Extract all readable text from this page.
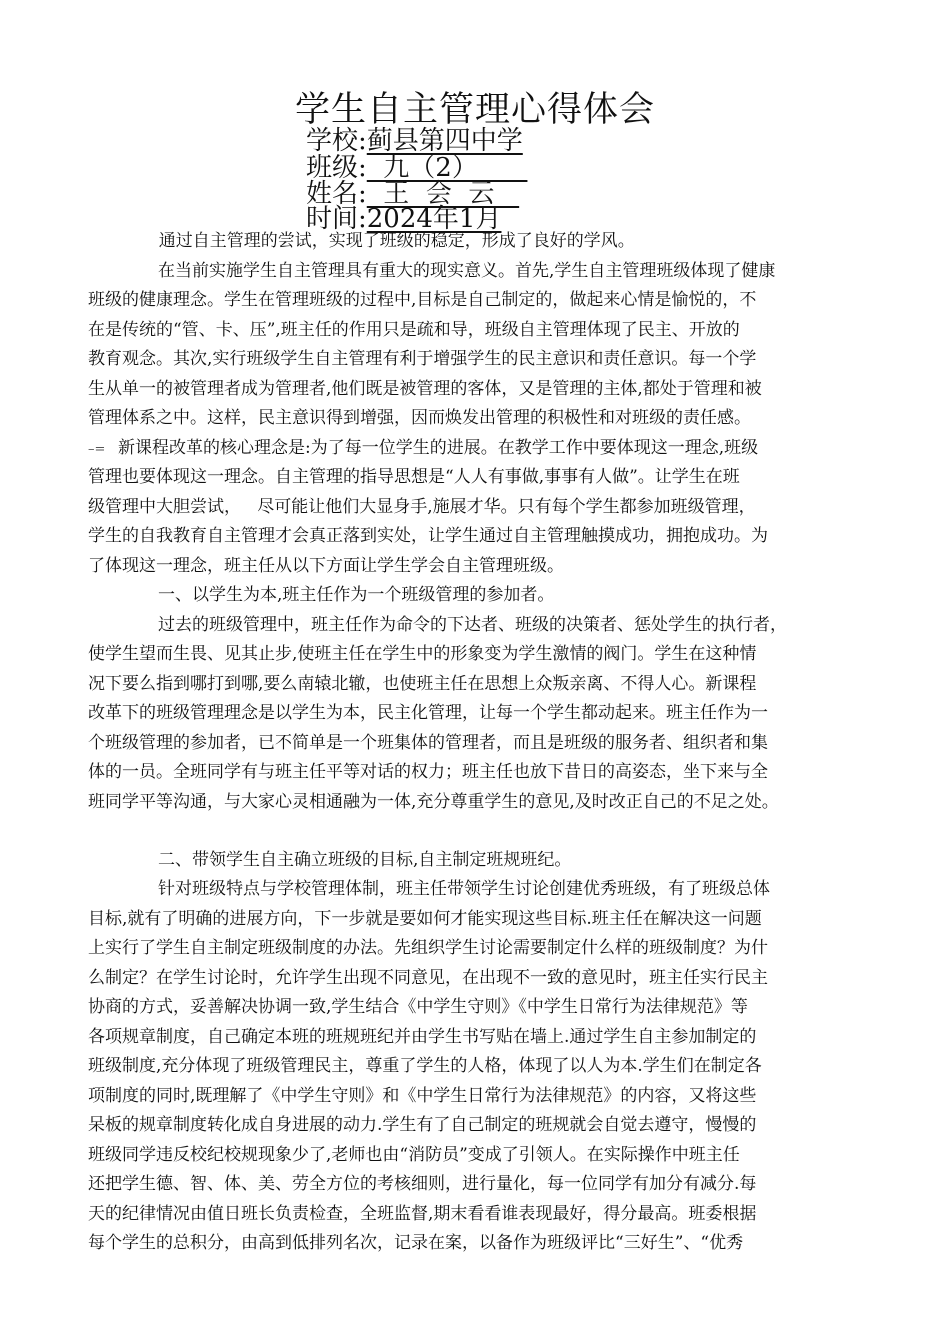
学生自主管理心得体会
学校:蓟县第四中学
班级:  九（2）
姓名:  王  会  云
时间:2024年1月
通过自主管理的尝试，实现了班级的稳定，形成了良好的学风。
在当前实施学生自主管理具有重大的现实意义。首先,学生自主管理班级体现了健康
班级的健康理念。学生在管理班级的过程中,目标是自己制定的，做起来心情是愉悦的，不
在是传统的“管、卡、压”,班主任的作用只是疏和导，班级自主管理体现了民主、开放的
教育观念。其次,实行班级学生自主管理有利于增强学生的民主意识和责任意识。每一个学
生从单一的被管理者成为管理者,他们既是被管理的客体，又是管理的主体,都处于管理和被
管理体系之中。这样，民主意识得到增强，因而焕发出管理的积极性和对班级的责任感。
–= 新课程改革的核心理念是:为了每一位学生的进展。在教学工作中要体现这一理念,班级
管理也要体现这一理念。自主管理的指导思想是“人人有事做,事事有人做”。让学生在班
级管理中大胆尝试，   尽可能让他们大显身手,施展才华。只有每个学生都参加班级管理，
学生的自我教育自主管理才会真正落到实处，让学生通过自主管理触摸成功，拥抱成功。为
了体现这一理念，班主任从以下方面让学生学会自主管理班级。
一、以学生为本,班主任作为一个班级管理的参加者。
过去的班级管理中，班主任作为命令的下达者、班级的决策者、惩处学生的执行者，
使学生望而生畏、见其止步,使班主任在学生中的形象变为学生激情的阀门。学生在这种情
况下要么指到哪打到哪,要么南辕北辙，也使班主任在思想上众叛亲离、不得人心。新课程
改革下的班级管理理念是以学生为本，民主化管理，让每一个学生都动起来。班主任作为一
个班级管理的参加者，已不简单是一个班集体的管理者，而且是班级的服务者、组织者和集
体的一员。全班同学有与班主任平等对话的权力；班主任也放下昔日的高姿态，坐下来与全
班同学平等沟通，与大家心灵相通融为一体,充分尊重学生的意见,及时改正自己的不足之处。
二、带领学生自主确立班级的目标,自主制定班规班纪。
针对班级特点与学校管理体制，班主任带领学生讨论创建优秀班级，有了班级总体
目标,就有了明确的进展方向，下一步就是要如何才能实现这些目标.班主任在解决这一问题
上实行了学生自主制定班级制度的办法。先组织学生讨论需要制定什么样的班级制度？为什
么制定？在学生讨论时，允许学生出现不同意见，在出现不一致的意见时，班主任实行民主
协商的方式，妥善解决协调一致,学生结合《中学生守则》《中学生日常行为法律规范》等
各项规章制度，自己确定本班的班规班纪并由学生书写贴在墙上.通过学生自主参加制定的
班级制度,充分体现了班级管理民主，尊重了学生的人格，体现了以人为本.学生们在制定各
项制度的同时,既理解了《中学生守则》和《中学生日常行为法律规范》的内容，又将这些
呆板的规章制度转化成自身进展的动力.学生有了自己制定的班规就会自觉去遵守，慢慢的
班级同学违反校纪校规现象少了,老师也由“消防员”变成了引领人。在实际操作中班主任
还把学生德、智、体、美、劳全方位的考核细则，进行量化，每一位同学有加分有减分.每
天的纪律情况由值日班长负责检查，全班监督,期末看看谁表现最好，得分最高。班委根据
每个学生的总积分，由高到低排列名次，记录在案，以备作为班级评比“三好生”、“优秀
